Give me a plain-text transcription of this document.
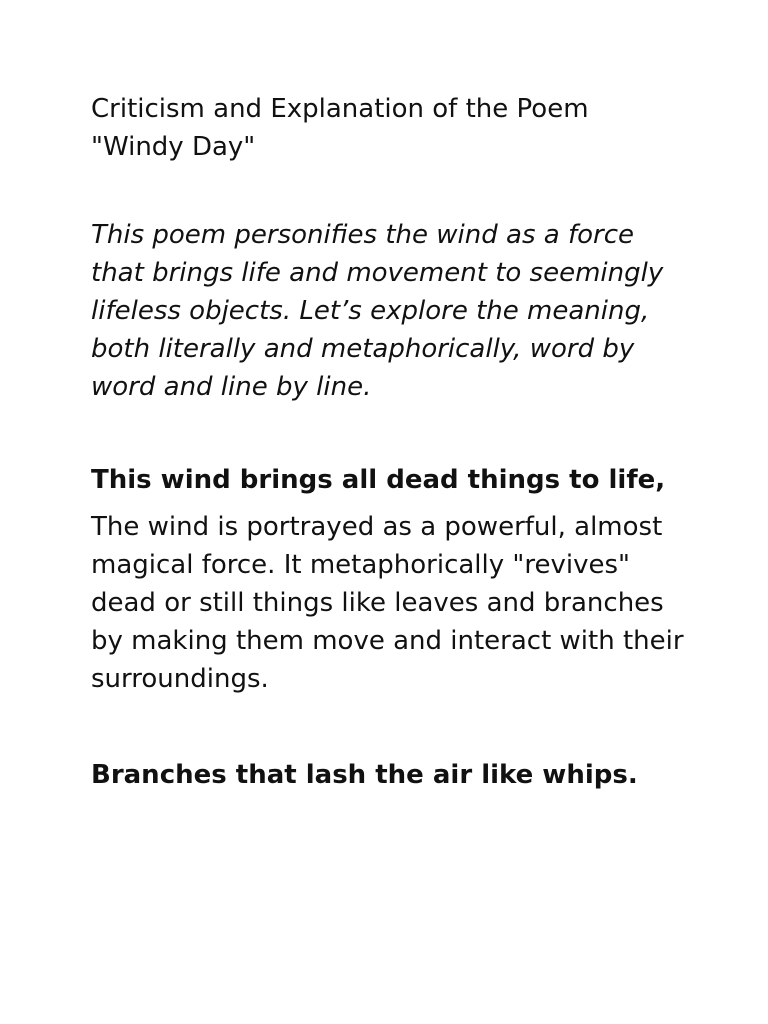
Criticism and Explanation of the Poem
"Windy Day"

This poem personifies the wind as a force that brings life and movement to seemingly lifeless objects. Let’s explore the meaning, both literally and metaphorically, word by word and line by line.

This wind brings all dead things to life,

The wind is portrayed as a powerful, almost magical force. It metaphorically "revives" dead or still things like leaves and branches by making them move and interact with their surroundings.

Branches that lash the air like whips.
